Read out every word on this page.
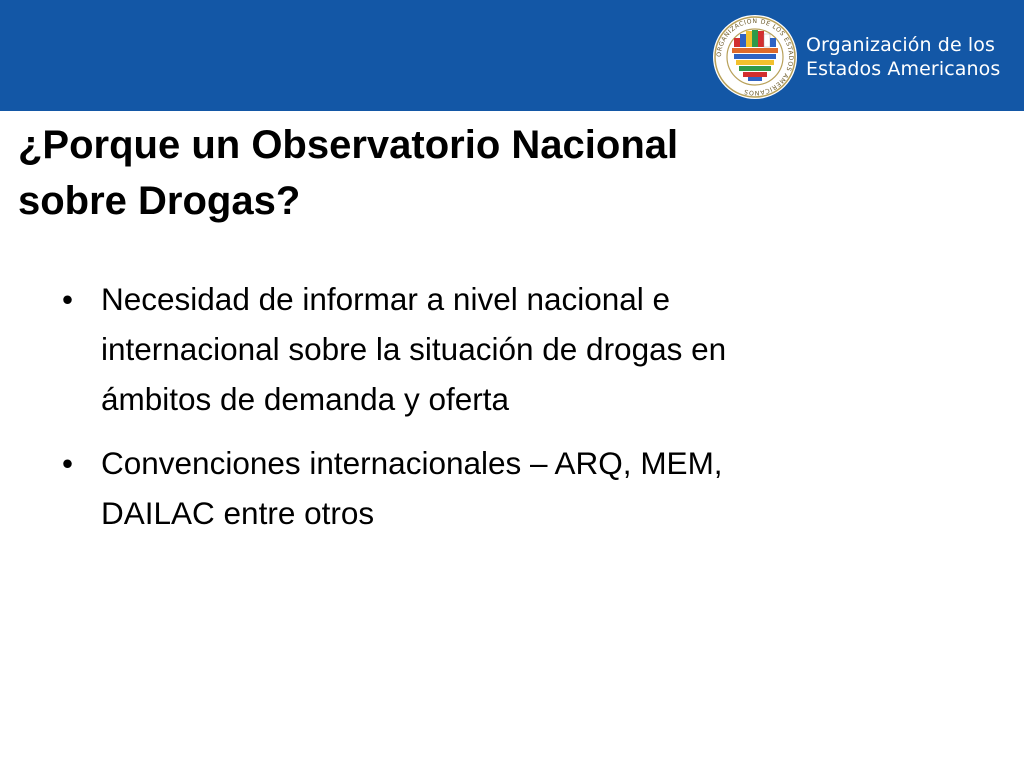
ORGANIZACION DE LOS ESTADOS AMERICANOS
Organización de los
Estados Americanos
¿Porque un Observatorio Nacional
sobre Drogas?
• Necesidad de informar a nivel nacional e
internacional sobre la situación de drogas en
ámbitos de demanda y oferta
• Convenciones internacionales – ARQ, MEM,
DAILAC entre otros
